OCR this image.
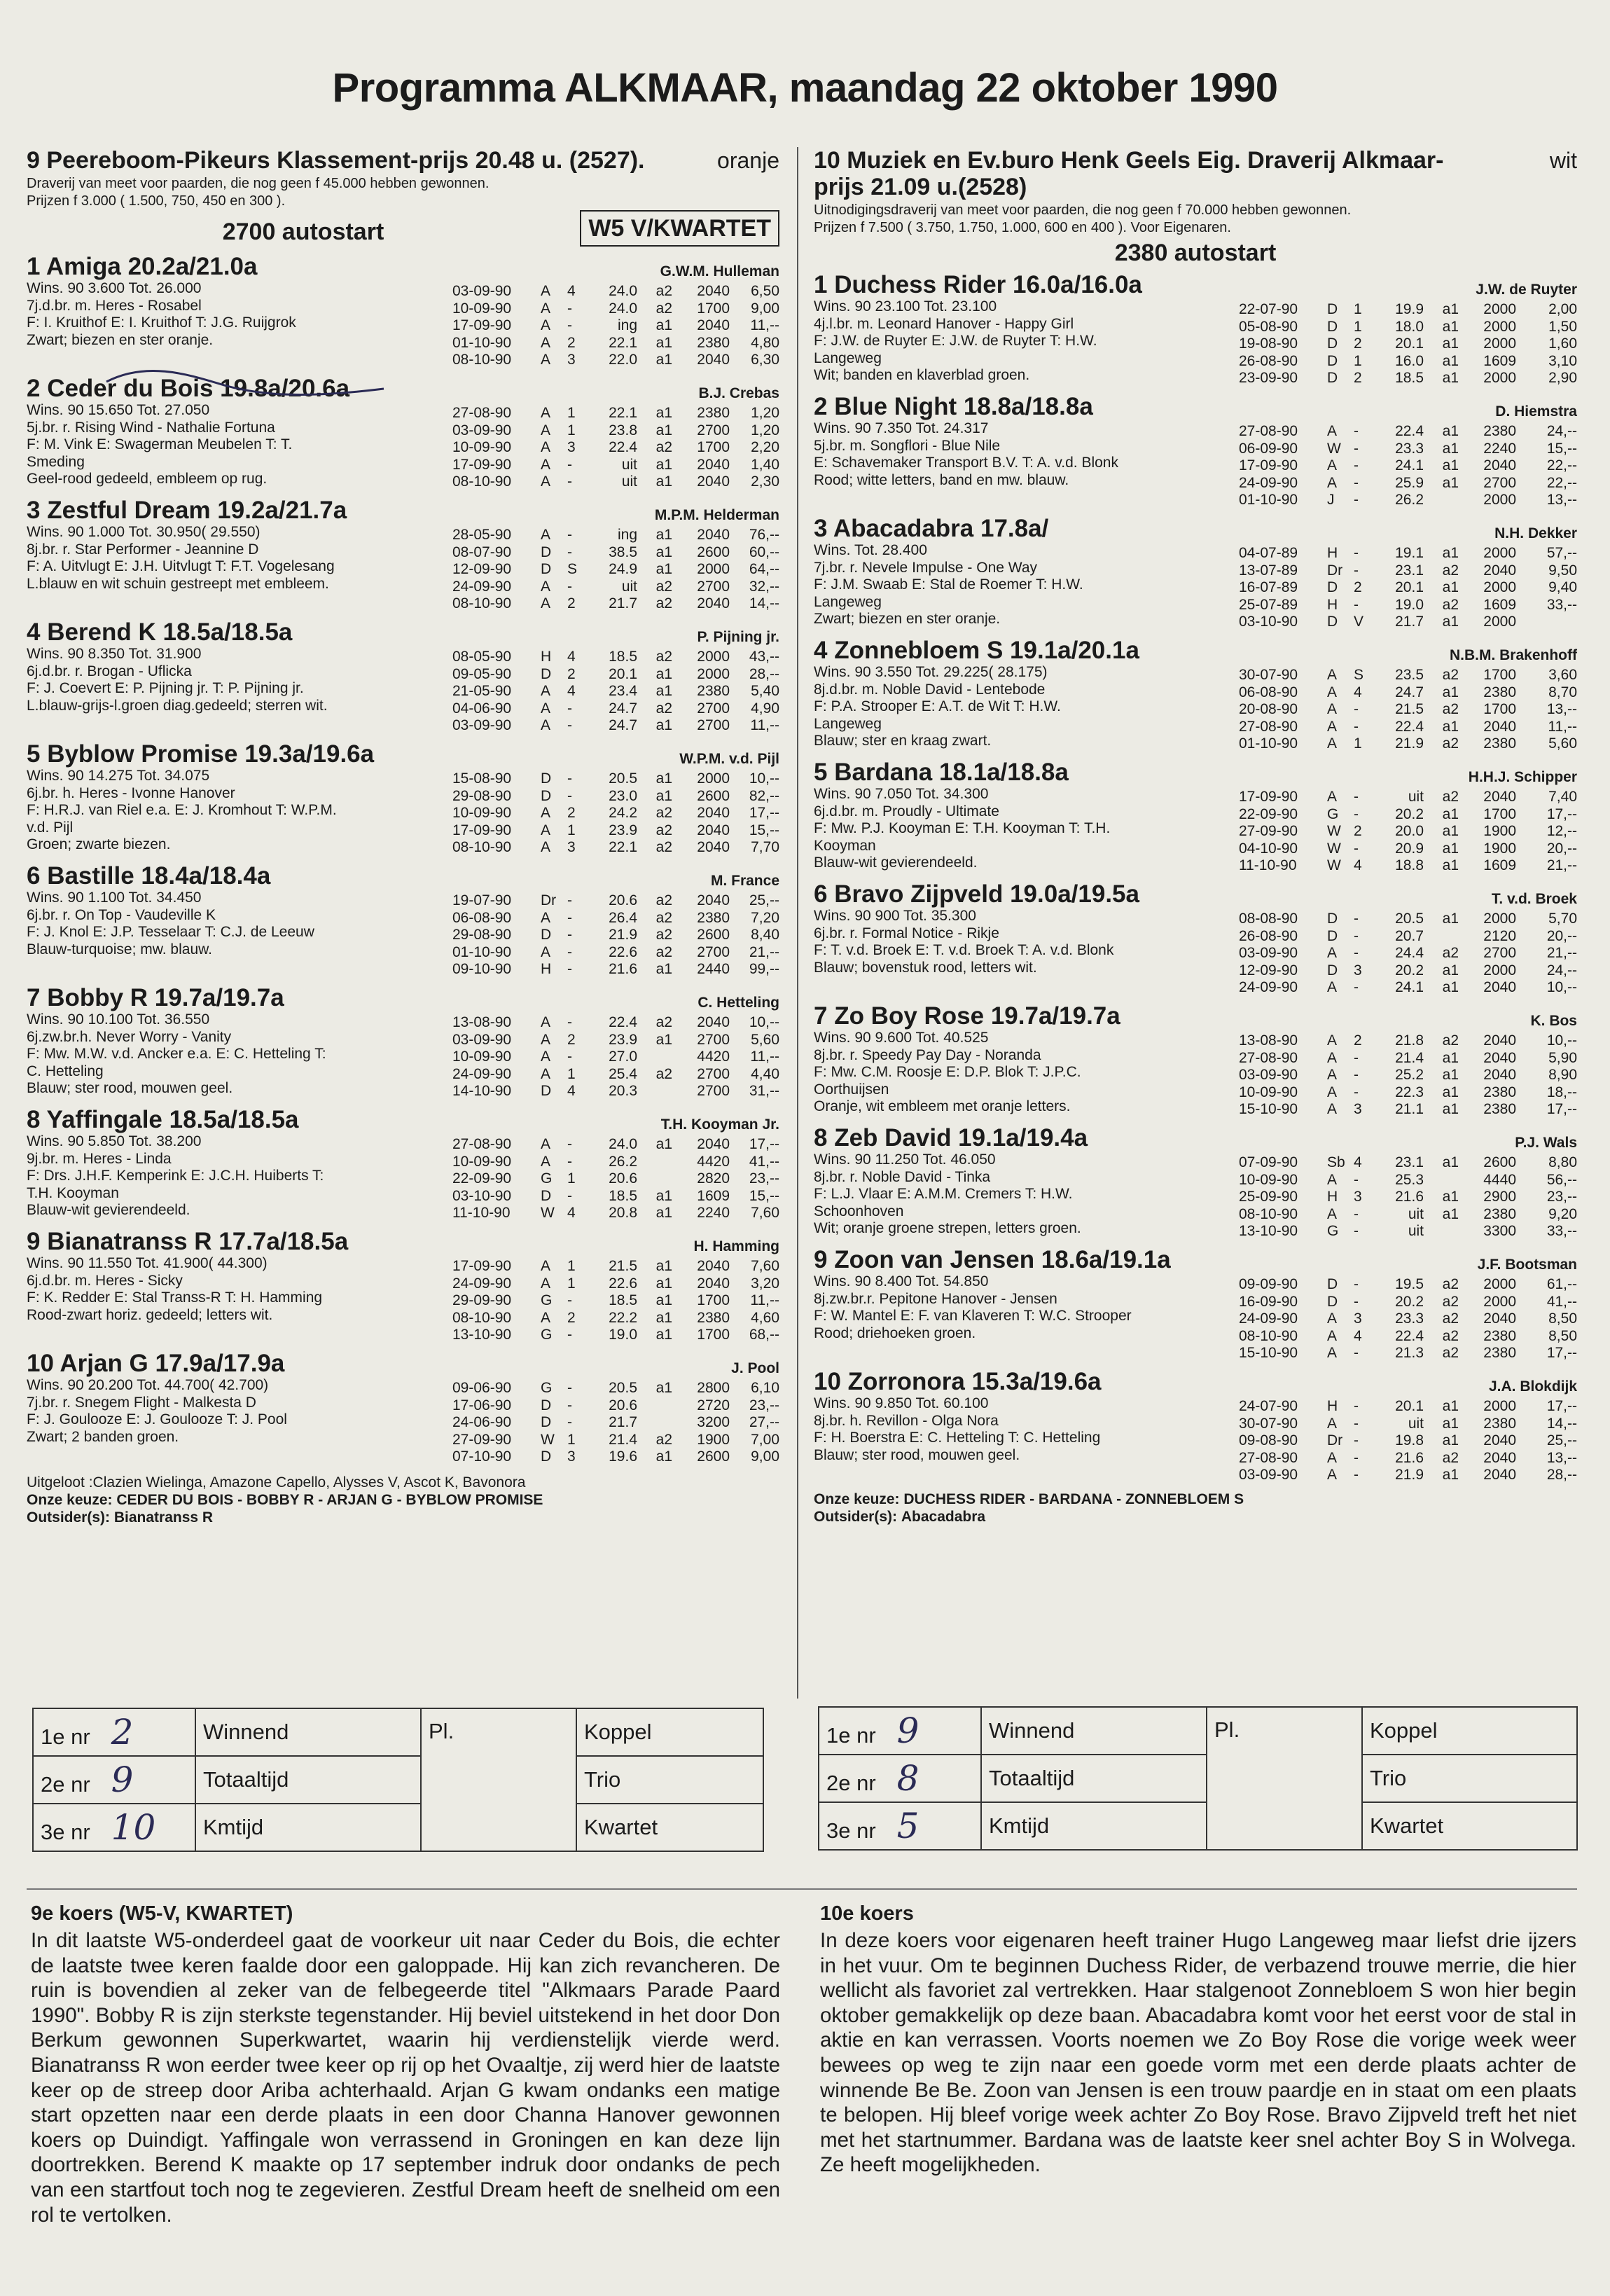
Programma ALKMAAR, maandag 22 oktober 1990
9 Peereboom-Pikeurs Klassement-prijs 20.48 u. (2527).	oranje
Draverij van meet voor paarden, die nog geen f 45.000 hebben gewonnen.
Prijzen f 3.000 ( 1.500, 750, 450 en 300 ).
2700 autostart	W5 V/KWARTET
1 Amiga 20.2a/21.0a	G.W.M. Hulleman
Wins. 90 3.600 Tot. 26.000
7j.d.br. m. Heres - Rosabel
F: I. Kruithof E: I. Kruithof T: J.G. Ruijgrok
Zwart; biezen en ster oranje.
03-09-90	A	4	24.0	a2	2040	6,50
10-09-90	A	-	24.0	a2	1700	9,00
17-09-90	A	-	ing	a1	2040	11,--
01-10-90	A	2	22.1	a1	2380	4,80
08-10-90	A	3	22.0	a1	2040	6,30
2 Ceder du Bois 19.8a/20.6a	B.J. Crebas
Wins. 90 15.650 Tot. 27.050
5j.br. r. Rising Wind - Nathalie Fortuna
F: M. Vink E: Swagerman Meubelen T: T.
Smeding
Geel-rood gedeeld, embleem op rug.
27-08-90	A	1	22.1	a1	2380	1,20
03-09-90	A	1	23.8	a1	2700	1,20
10-09-90	A	3	22.4	a2	1700	2,20
17-09-90	A	-	uit	a1	2040	1,40
08-10-90	A	-	uit	a1	2040	2,30
3 Zestful Dream 19.2a/21.7a	M.P.M. Helderman
Wins. 90 1.000 Tot. 30.950( 29.550)
8j.br. r. Star Performer - Jeannine D
F: A. Uitvlugt E: J.H. Uitvlugt T: F.T. Vogelesang
L.blauw en wit schuin gestreept met embleem.
28-05-90	A	-	ing	a1	2040	76,--
08-07-90	D	-	38.5	a1	2600	60,--
12-09-90	D	S	24.9	a1	2000	64,--
24-09-90	A	-	uit	a2	2700	32,--
08-10-90	A	2	21.7	a2	2040	14,--
4 Berend K 18.5a/18.5a	P. Pijning jr.
Wins. 90 8.350 Tot. 31.900
6j.d.br. r. Brogan - Uflicka
F: J. Coevert E: P. Pijning jr. T: P. Pijning jr.
L.blauw-grijs-l.groen diag.gedeeld; sterren wit.
08-05-90	H	4	18.5	a2	2000	43,--
09-05-90	D	2	20.1	a1	2000	28,--
21-05-90	A	4	23.4	a1	2380	5,40
04-06-90	A	-	24.7	a2	2700	4,90
03-09-90	A	-	24.7	a1	2700	11,--
5 Byblow Promise 19.3a/19.6a	W.P.M. v.d. Pijl
Wins. 90 14.275 Tot. 34.075
6j.br. h. Heres - Ivonne Hanover
F: H.R.J. van Riel e.a. E: J. Kromhout T: W.P.M.
v.d. Pijl
Groen; zwarte biezen.
15-08-90	D	-	20.5	a1	2000	10,--
29-08-90	D	-	23.0	a1	2600	82,--
10-09-90	A	2	24.2	a2	2040	17,--
17-09-90	A	1	23.9	a2	2040	15,--
08-10-90	A	3	22.1	a2	2040	7,70
6 Bastille 18.4a/18.4a	M. France
Wins. 90 1.100 Tot. 34.450
6j.br. r. On Top - Vaudeville K
F: J. Knol E: J.P. Tesselaar T: C.J. de Leeuw
Blauw-turquoise; mw. blauw.
19-07-90	Dr -	20.6	a2	2040	25,--
06-08-90	A	-	26.4	a2	2380	7,20
29-08-90	D	-	21.9	a2	2600	8,40
01-10-90	A	-	22.6	a2	2700	21,--
09-10-90	H	-	21.6	a1	2440	99,--
7 Bobby R 19.7a/19.7a	C. Hetteling
Wins. 90 10.100 Tot. 36.550
6j.zw.br.h. Never Worry - Vanity
F: Mw. M.W. v.d. Ancker e.a. E: C. Hetteling T:
C. Hetteling
Blauw; ster rood, mouwen geel.
13-08-90	A	-	22.4	a2	2040	10,--
03-09-90	A	2	23.9	a1	2700	5,60
10-09-90	A	-	27.0	4420	11,--
24-09-90	A	1	25.4	a2	2700	4,40
14-10-90	D	4	20.3	2700	31,--
8 Yaffingale 18.5a/18.5a	T.H. Kooyman Jr.
Wins. 90 5.850 Tot. 38.200
9j.br. m. Heres - Linda
F: Drs. J.H.F. Kemperink E: J.C.H. Huiberts T:
T.H. Kooyman
Blauw-wit gevierendeeld.
27-08-90	A	-	24.0	a1	2040	17,--
10-09-90	A	-	26.2	4420	41,--
22-09-90	G	1	20.6	2820	23,--
03-10-90	D	-	18.5	a1	1609	15,--
11-10-90	W 4	20.8	a1	2240	7,60
9 Bianatranss R 17.7a/18.5a	H. Hamming
Wins. 90 11.550 Tot. 41.900( 44.300)
6j.d.br. m. Heres - Sicky
F: K. Redder E: Stal Transs-R T: H. Hamming
Rood-zwart horiz. gedeeld; letters wit.
17-09-90	A	1	21.5	a1	2040	7,60
24-09-90	A	1	22.6	a1	2040	3,20
29-09-90	G	-	18.5	a1	1700	11,--
08-10-90	A	2	22.2	a1	2380	4,60
13-10-90	G	-	19.0	a1	1700	68,--
10 Arjan G 17.9a/17.9a	J. Pool
Wins. 90 20.200 Tot. 44.700( 42.700)
7j.br. r. Snegem Flight - Malkesta D
F: J. Goulooze E: J. Goulooze T: J. Pool
Zwart; 2 banden groen.
09-06-90	G	-	20.5	a1	2800	6,10
17-06-90	D	-	20.6	2720	23,--
24-06-90	D	-	21.7	3200	27,--
27-09-90	W 1	21.4	a2	1900	7,00
07-10-90	D	3	19.6	a1	2600	9,00
Uitgeloot :Clazien Wielinga, Amazone Capello, Alysses V, Ascot K, Bavonora
Onze keuze: CEDER DU BOIS - BOBBY R - ARJAN G - BYBLOW PROMISE
Outsider(s): Bianatranss R
10 Muziek en Ev.buro Henk Geels Eig. Draverij Alkmaar-prijs 21.09 u.(2528)
wit
Uitnodigingsdraverij van meet voor paarden, die nog geen f 70.000 hebben gewonnen.
Prijzen f 7.500 ( 3.750, 1.750, 1.000, 600 en 400 ). Voor Eigenaren.
2380 autostart
1 Duchess Rider 16.0a/16.0a	J.W. de Ruyter
Wins. 90 23.100 Tot. 23.100
4j.l.br. m. Leonard Hanover - Happy Girl
F: J.W. de Ruyter E: J.W. de Ruyter T: H.W.
Langeweg
Wit; banden en klaverblad groen.
22-07-90	D	1	19.9	a1	2000	2,00
05-08-90	D	1	18.0	a1	2000	1,50
19-08-90	D	2	20.1	a1	2000	1,60
26-08-90	D	1	16.0	a1	1609	3,10
23-09-90	D	2	18.5	a1	2000	2,90
2 Blue Night 18.8a/18.8a	D. Hiemstra
Wins. 90 7.350 Tot. 24.317
5j.br. m. Songflori - Blue Nile
E: Schavemaker Transport B.V. T: A. v.d. Blonk
Rood; witte letters, band en mw. blauw.
27-08-90	A	-	22.4	a1	2380	24,--
06-09-90	W -	23.3	a1	2240	15,--
17-09-90	A	-	24.1	a1	2040	22,--
24-09-90	A	-	25.9	a1	2700	22,--
01-10-90	J	-	26.2	2000	13,--
3 Abacadabra 17.8a/	N.H. Dekker
Wins. Tot. 28.400
7j.br. r. Nevele Impulse - One Way
F: J.M. Swaab E: Stal de Roemer T: H.W.
Langeweg
Zwart; biezen en ster oranje.
04-07-89	H	-	19.1	a1	2000	57,--
13-07-89	Dr -	23.1	a2	2040	9,50
16-07-89	D	2	20.1	a1	2000	9,40
25-07-89	H	-	19.0	a2	1609	33,--
03-10-90	D	V	21.7	a1	2000
4 Zonnebloem S 19.1a/20.1a	N.B.M. Brakenhoff
Wins. 90 3.550 Tot. 29.225( 28.175)
8j.d.br. m. Noble David - Lentebode
F: P.A. Strooper E: A.T. de Wit T: H.W.
Langeweg
Blauw; ster en kraag zwart.
30-07-90	A	S	23.5	a2	1700	3,60
06-08-90	A	4	24.7	a1	2380	8,70
20-08-90	A	-	21.5	a2	1700	13,--
27-08-90	A	-	22.4	a1	2040	11,--
01-10-90	A	1	21.9	a2	2380	5,60
5 Bardana 18.1a/18.8a	H.H.J. Schipper
Wins. 90 7.050 Tot. 34.300
6j.d.br. m. Proudly - Ultimate
F: Mw. P.J. Kooyman E: T.H. Kooyman T: T.H.
Kooyman
Blauw-wit gevierendeeld.
17-09-90	A	-	uit	a2	2040	7,40
22-09-90	G	-	20.2	a1	1700	17,--
27-09-90	W 2	20.0	a1	1900	12,--
04-10-90	W -	20.9	a1	1900	20,--
11-10-90	W 4	18.8	a1	1609	21,--
6 Bravo Zijpveld 19.0a/19.5a	T. v.d. Broek
Wins. 90 900 Tot. 35.300
6j.br. r. Formal Notice - Rikje
F: T. v.d. Broek E: T. v.d. Broek T: A. v.d. Blonk
Blauw; bovenstuk rood, letters wit.
08-08-90	D	-	20.5	a1	2000	5,70
26-08-90	D	-	20.7	2120	20,--
03-09-90	A	-	24.4	a2	2700	21,--
12-09-90	D	3	20.2	a1	2000	24,--
24-09-90	A	-	24.1	a1	2040	10,--
7 Zo Boy Rose 19.7a/19.7a	K. Bos
Wins. 90 9.600 Tot. 40.525
8j.br. r. Speedy Pay Day - Noranda
F: Mw. C.M. Roosje E: D.P. Blok T: J.P.C.
Oorthuijsen
Oranje, wit embleem met oranje letters.
13-08-90	A	2	21.8	a2	2040	10,--
27-08-90	A	-	21.4	a1	2040	5,90
03-09-90	A	-	25.2	a1	2040	8,90
10-09-90	A	-	22.3	a1	2380	18,--
15-10-90	A	3	21.1	a1	2380	17,--
8 Zeb David 19.1a/19.4a	P.J. Wals
Wins. 90 11.250 Tot. 46.050
8j.br. r. Noble David - Tinka
F: L.J. Vlaar E: A.M.M. Cremers T: H.W.
Schoonhoven
Wit; oranje groene strepen, letters groen.
07-09-90	Sb 4	23.1	a1	2600	8,80
10-09-90	A	-	25.3	4440	56,--
25-09-90	H	3	21.6	a1	2900	23,--
08-10-90	A	-	uit	a1	2380	9,20
13-10-90	G	-	uit	3300	33,--
9 Zoon van Jensen 18.6a/19.1a	J.F. Bootsman
Wins. 90 8.400 Tot. 54.850
8j.zw.br.r. Pepitone Hanover - Jensen
F: W. Mantel E: F. van Klaveren T: W.C. Strooper
Rood; driehoeken groen.
09-09-90	D	-	19.5	a2	2000	61,--
16-09-90	D	-	20.2	a2	2000	41,--
24-09-90	A	3	23.3	a2	2040	8,50
08-10-90	A	4	22.4	a2	2380	8,50
15-10-90	A	-	21.3	a2	2380	17,--
10 Zorronora 15.3a/19.6a	J.A. Blokdijk
Wins. 90 9.850 Tot. 60.100
8j.br. h. Revillon - Olga Nora
F: H. Boerstra E: C. Hetteling T: C. Hetteling
Blauw; ster rood, mouwen geel.
24-07-90	H	-	20.1	a1	2000	17,--
30-07-90	A	-	uit	a1	2380	14,--
09-08-90	Dr -	19.8	a1	2040	25,--
27-08-90	A	-	21.6	a2	2040	13,--
03-09-90	A	-	21.9	a1	2040	28,--
Onze keuze: DUCHESS RIDER - BARDANA - ZONNEBLOEM S
Outsider(s): Abacadabra
1e nr 2	Winnend	Pl.	Koppel
2e nr 9	Totaaltijd		Trio
3e nr 10	Kmtijd		Kwartet
1e nr 9	Winnend	Pl.	Koppel
2e nr 8	Totaaltijd		Trio
3e nr 5	Kmtijd		Kwartet
9e koers (W5-V, KWARTET)

In dit laatste W5-onderdeel gaat de voorkeur uit naar Ceder du Bois, die echter de laatste twee keren faalde door een galoppade. Hij kan zich revancheren. De ruin is bovendien al zeker van de felbegeerde titel "Alkmaars Parade Paard 1990". Bobby R is zijn sterkste tegenstander. Hij beviel uitstekend in het door Don Berkum gewonnen Superkwartet, waarin hij verdienstelijk vierde werd. Bianatranss R won eerder twee keer op rij op het Ovaaltje, zij werd hier de laatste keer op de streep door Ariba achterhaald. Arjan G kwam ondanks een matige start opzetten naar een derde plaats in een door Channa Hanover gewonnen koers op Duindigt. Yaffingale won verrassend in Groningen en kan deze lijn doortrekken. Berend K maakte op 17 september indruk door ondanks de pech van een startfout toch nog te zegevieren. Zestful Dream heeft de snelheid om een rol te vertolken.

10e koers

In deze koers voor eigenaren heeft trainer Hugo Langeweg maar liefst drie ijzers in het vuur. Om te beginnen Duchess Rider, de verbazend trouwe merrie, die hier wellicht als favoriet zal vertrekken. Haar stalgenoot Zonnebloem S won hier begin oktober gemakkelijk op deze baan. Abacadabra komt voor het eerst voor de stal in aktie en kan verrassen. Voorts noemen we Zo Boy Rose die vorige week weer bewees op weg te zijn naar een goede vorm met een derde plaats achter de winnende Be Be. Zoon van Jensen is een trouw paardje en in staat om een plaats te belopen. Hij bleef vorige week achter Zo Boy Rose. Bravo Zijpveld treft het niet met het startnummer. Bardana was de laatste keer snel achter Boy S in Wolvega. Ze heeft mogelijkheden.
